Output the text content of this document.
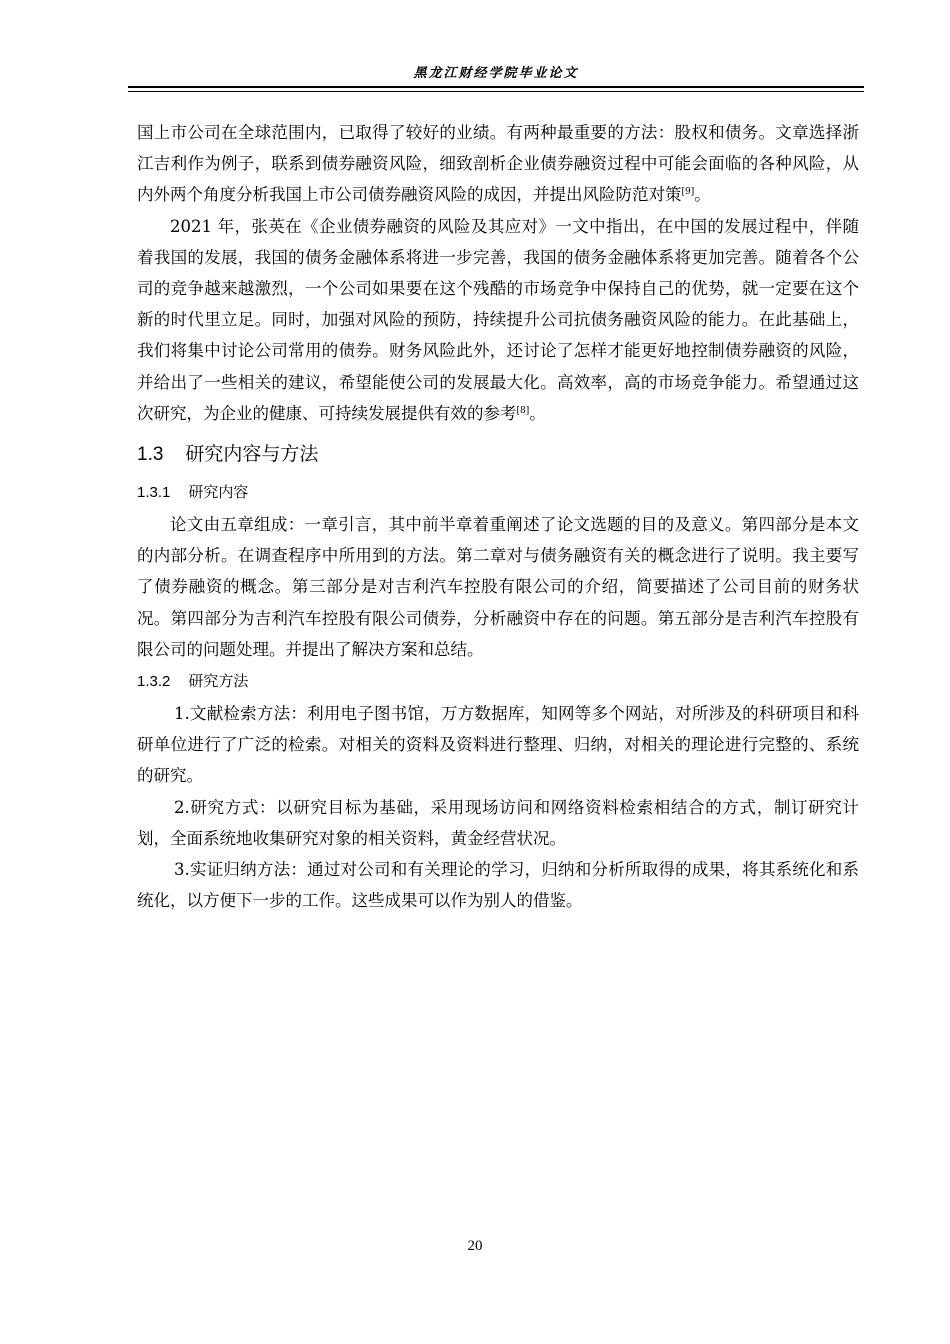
黑龙江财经学院毕业论文

国上市公司在全球范围内，已取得了较好的业绩。有两种最重要的方法：股权和债务。文章选择浙江吉利作为例子，联系到债券融资风险，细致剖析企业债券融资过程中可能会面临的各种风险，从内外两个角度分析我国上市公司债券融资风险的成因，并提出风险防范对策[9]。

2021 年，张英在《企业债券融资的风险及其应对》一文中指出，在中国的发展过程中，伴随着我国的发展，我国的债务金融体系将进一步完善，我国的债务金融体系将更加完善。随着各个公司的竞争越来越激烈，一个公司如果要在这个残酷的市场竞争中保持自己的优势，就一定要在这个新的时代里立足。同时，加强对风险的预防，持续提升公司抗债务融资风险的能力。在此基础上，我们将集中讨论公司常用的债券。财务风险此外，还讨论了怎样才能更好地控制债券融资的风险，并给出了一些相关的建议，希望能使公司的发展最大化。高效率，高的市场竞争能力。希望通过这次研究，为企业的健康、可持续发展提供有效的参考[8]。

1.3 研究内容与方法
1.3.1 研究内容

论文由五章组成：一章引言，其中前半章着重阐述了论文选题的目的及意义。第四部分是本文的内部分析。在调查程序中所用到的方法。第二章对与债务融资有关的概念进行了说明。我主要写了债券融资的概念。第三部分是对吉利汽车控股有限公司的介绍，简要描述了公司目前的财务状况。第四部分为吉利汽车控股有限公司债券，分析融资中存在的问题。第五部分是吉利汽车控股有限公司的问题处理。并提出了解决方案和总结。

1.3.2 研究方法

1.文献检索方法：利用电子图书馆，万方数据库，知网等多个网站，对所涉及的科研项目和科研单位进行了广泛的检索。对相关的资料及资料进行整理、归纳，对相关的理论进行完整的、系统的研究。

2.研究方式：以研究目标为基础，采用现场访问和网络资料检索相结合的方式，制订研究计划，全面系统地收集研究对象的相关资料，黄金经营状况。

3.实证归纳方法：通过对公司和有关理论的学习，归纳和分析所取得的成果，将其系统化和系统化，以方便下一步的工作。这些成果可以作为别人的借鉴。

20
